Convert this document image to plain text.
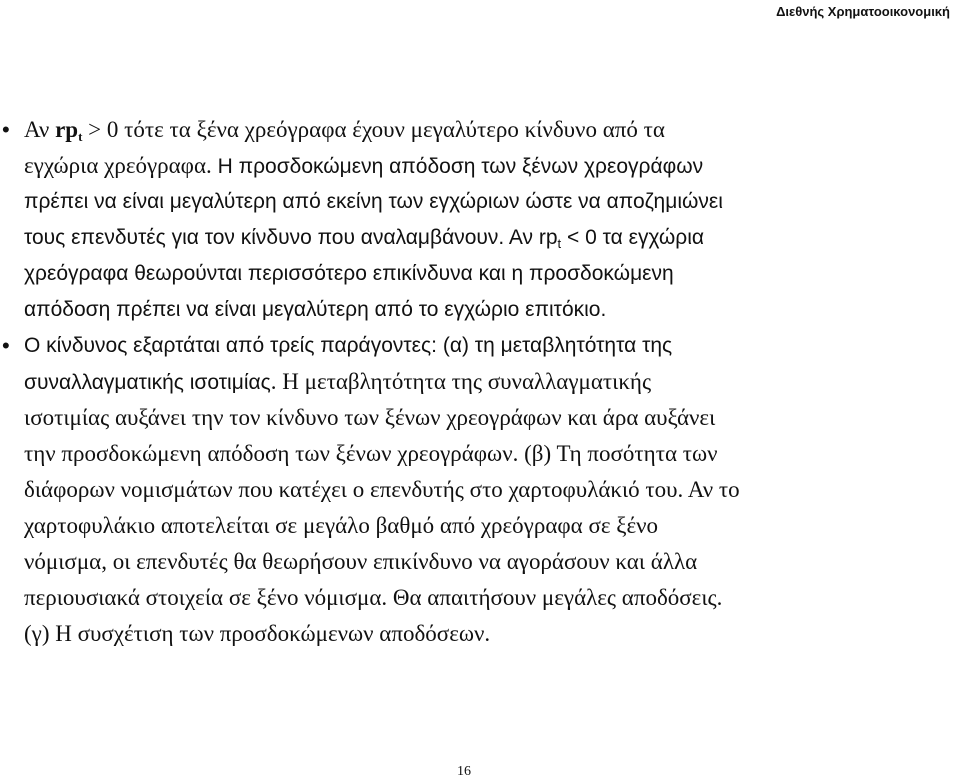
Διεθνής Χρηματοοικονομική
• Αν $rp_t > 0$ τότε τα ξένα χρεόγραφα έχουν μεγαλύτερο κίνδυνο από τα
εγχώρια χρεόγραφα. Η προσδοκώμενη απόδοση των ξένων χρεογράφων
πρέπει να είναι μεγαλύτερη από εκείνη των εγχώριων ώστε να αποζημιώνει
τους επενδυτές για τον κίνδυνο που αναλαμβάνουν. Αν $rp_t < 0$ τα εγχώρια
χρεόγραφα θεωρούνται περισσότερο επικίνδυνα και η προσδοκώμενη
απόδοση πρέπει να είναι μεγαλύτερη από το εγχώριο επιτόκιο.
• Ο κίνδυνος εξαρτάται από τρείς παράγοντες: (α) τη μεταβλητότητα της
συναλλαγματικής ισοτιμίας. Η μεταβλητότητα της συναλλαγματικής
ισοτιμίας αυξάνει την τον κίνδυνο των ξένων χρεογράφων και άρα αυξάνει
την προσδοκώμενη απόδοση των ξένων χρεογράφων. (β) Τη ποσότητα των
διάφορων νομισμάτων που κατέχει ο επενδυτής στο χαρτοφυλάκιό του. Αν το
χαρτοφυλάκιο αποτελείται σε μεγάλο βαθμό από χρεόγραφα σε ξένο
νόμισμα, οι επενδυτές θα θεωρήσουν επικίνδυνο να αγοράσουν και άλλα
περιουσιακά στοιχεία σε ξένο νόμισμα. Θα απαιτήσουν μεγάλες αποδόσεις.
(γ) Η συσχέτιση των προσδοκώμενων αποδόσεων.
16
